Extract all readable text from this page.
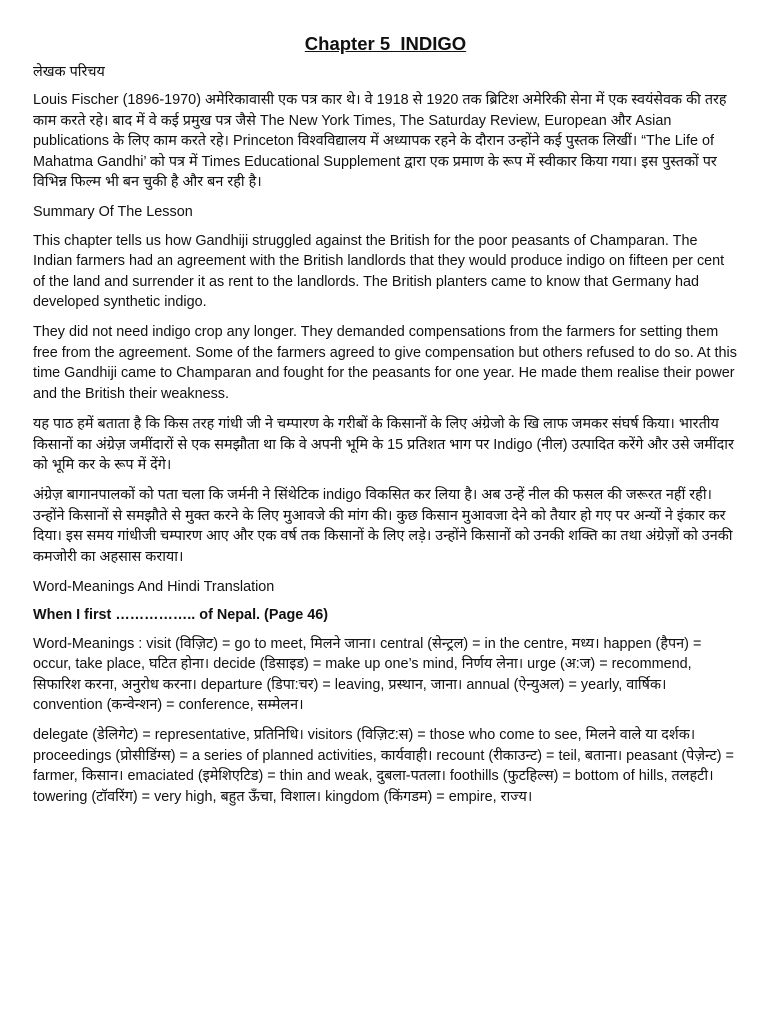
Chapter 5  INDIGO

लेखक परिचय

Louis Fischer (1896-1970) अमेरिकावासी एक पत्र कार थे। वे 1918 से 1920 तक ब्रिटिश अमेरिकी सेना में एक स्वयंसेवक की तरह काम करते रहे। बाद में वे कई प्रमुख पत्र जैसे The New York Times, The Saturday Review, European और Asian publications के लिए काम करते रहे। Princeton विश्वविद्यालय में अध्यापक रहने के दौरान उन्होंने कई पुस्तक लिखीं। “The Life of Mahatma Gandhi’ को पत्र में Times Educational Supplement द्वारा एक प्रमाण के रूप में स्वीकार किया गया। इस पुस्तकों पर विभिन्न फिल्म भी बन चुकी है और बन रही है।

Summary Of The Lesson

This chapter tells us how Gandhiji struggled against the British for the poor peasants of Champaran. The Indian farmers had an agreement with the British landlords that they would produce indigo on fifteen per cent of the land and surrender it as rent to the landlords. The British planters came to know that Germany had developed synthetic indigo.

They did not need indigo crop any longer. They demanded compensations from the farmers for setting them free from the agreement. Some of the farmers agreed to give compensation but others refused to do so. At this time Gandhiji came to Champaran and fought for the peasants for one year. He made them realise their power and the British their weakness.

यह पाठ हमें बताता है कि किस तरह गांधी जी ने चम्पारण के गरीबों के किसानों के लिए अंग्रेजो के खि लाफ जमकर संघर्ष किया। भारतीय किसानों का अंग्रेज़ जमींदारों से एक समझौता था कि वे अपनी भूमि के 15 प्रतिशत भाग पर Indigo (नील) उत्पादित करेंगे और उसे जमींदार को भूमि कर के रूप में देंगे।

अंग्रेज़ बागानपालकों को पता चला कि जर्मनी ने सिंथेटिक indigo विकसित कर लिया है। अब उन्हें नील की फसल की जरूरत नहीं रही। उन्होंने किसानों से समझौते से मुक्त करने के लिए मुआवजे की मांग की। कुछ किसान मुआवजा देने को तैयार हो गए पर अन्यों ने इंकार कर दिया। इस समय गांधीजी चम्पारण आए और एक वर्ष तक किसानों के लिए लड़े। उन्होंने किसानों को उनकी शक्ति का तथा अंग्रेज़ों को उनकी कमजोरी का अहसास कराया।

Word-Meanings And Hindi Translation

When I first …………….. of Nepal. (Page 46)

Word-Meanings : visit (विज़िट) = go to meet, मिलने जाना। central (सेन्ट्रल) = in the centre, मध्य। happen (हैपन) = occur, take place, घटित होना। decide (डिसाइड) = make up one’s mind, निर्णय लेना। urge (अ:ज) = recommend, सिफारिश करना, अनुरोध करना। departure (डिपा:चर) = leaving, प्रस्थान, जाना। annual (ऐन्युअल) = yearly, वार्षिक। convention (कन्वेन्शन) = conference, सम्मेलन।

delegate (डेलिगेट) = representative, प्रतिनिधि। visitors (विज़िट:स) = those who come to see, मिलने वाले या दर्शक। proceedings (प्रोसीडिंग्स) = a series of planned activities, कार्यवाही। recount (रीकाउन्ट) = teil, बताना। peasant (पेज़ेन्ट) = farmer, किसान। emaciated (इमेशिएटिड) = thin and weak, दुबला-पतला। foothills (फुटहिल्स) = bottom of hills, तलहटी। towering (टॉवरिंग) = very high, बहुत ऊँचा, विशाल। kingdom (किंगडम) = empire, राज्य।
